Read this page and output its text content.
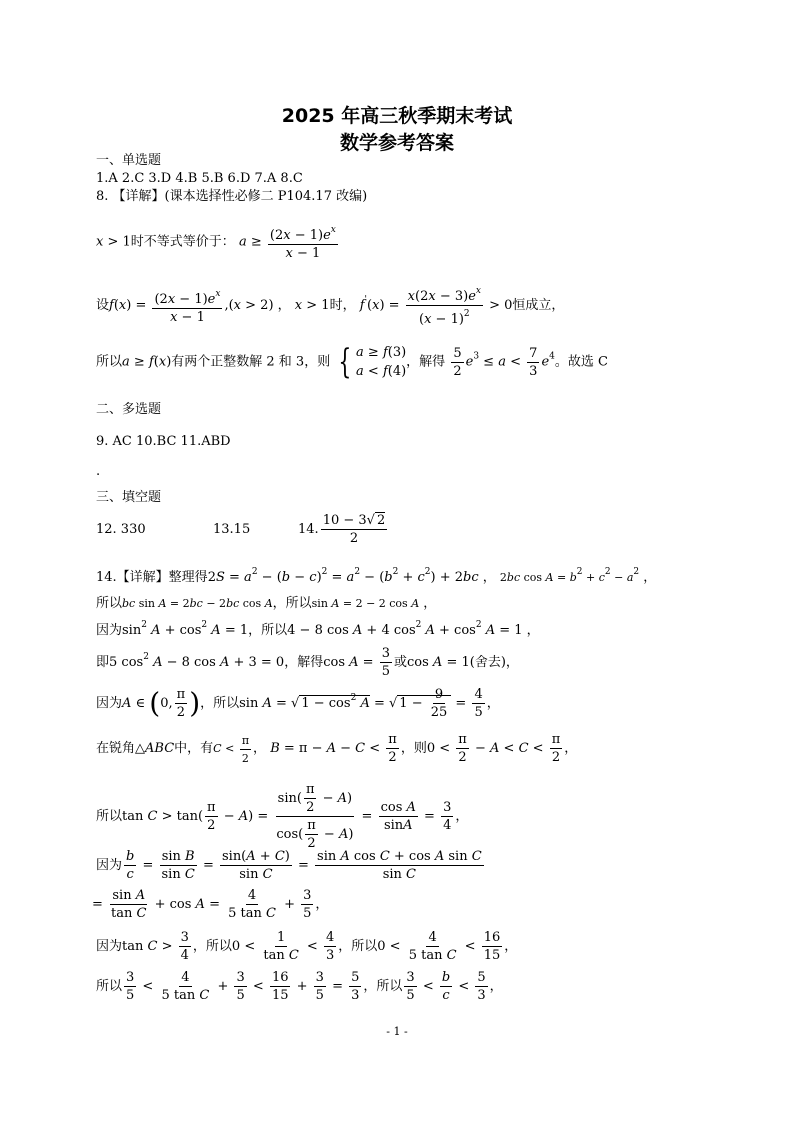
2025 年高三秋季期末考试
数学参考答案
一、单选题
1.A 2.C 3.D 4.B 5.B 6.D 7.A 8.C
8. 【详解】(课本选择性必修二 P104.17 改编)
x > 1时不等式等价于： $a \ge \frac{(2x - 1)e^x}{x - 1}$
设$f(x) = \frac{(2x - 1)e^x}{x - 1} ,(x > 2)$ ， x > 1时， $f'(x) = \frac{x(2x - 3)e^x}{(x - 1)^2} > 0$恒成立，
所以a ≥ f(x)有两个正整数解 2 和 3，则 { a ≥ f(3)
a < f(4)
，解得 $\frac{5}{2} e^3 \le a < \frac{7}{3} e^4$。故选 C
二、多选题
9. AC 10.BC 11.ABD
.
三、填空题
12. 330	13.15	14. $\frac{10 - 3√ 2}{2}$
14.【详解】整理得$2S = a^2 - (b - c)^2 = a^2 - (b^2 + c^2) + 2bc$ ， 2bc $\cos A = b^2 + c^2 - a^2$ ，
所以bc sin A = 2bc − 2bc cos A，所以sin A = 2 − 2 cos A ，
因为$\sin^2 A + \cos^2 A = 1$，所以4 − 8 cos A + 4 $\cos^2 A + \cos^2 A = 1$ ，
即5 $\cos^2 A - 8$ cos A + 3 = 0，解得$\cos A = \frac{3}{5}$ 或cos A = 1(舍去)，
因为A ∈ (0, $\frac{\pi}{2}$ )，所以sin A = √ $1 - \cos^2 A$ = √ $1 - \frac{9}{25} = \frac{4}{5}$ ，
在锐角△ABC中，有$C < \frac{\pi}{2}$ ， $B = \pi - A - C < \frac{\pi}{2}$ ，则$0 < \frac{\pi}{2} - A < C < \frac{\pi}{2}$ ，
所以$\tan C > \tan( \frac{\pi}{2} - A) = \frac{\sin( \frac{\pi}{2} - A)}{\cos( \frac{\pi}{2} - A)} = \frac{\text{cos A}}{\sin A} = \frac{3}{4}$ ，
因为 $\frac{b}{c} = \frac{\text{sin B}}{\text{sin C}} = \frac{\sin(A + C)}{\text{sin C}} = \frac{\text{sin A cos C + cos A sin C}}{\text{sin C}}$
= $\frac{\text{sin A}}{\text{tan C}} + \cos A = \frac{4}{\text{5 tan C}} + \frac{3}{5}$ ，
因为$\tan C > \frac{3}{4}$ ，所以$0 < \frac{1}{\text{tan C}} < \frac{4}{3}$ ，所以$0 < \frac{4}{\text{5 tan C}} < \frac{16}{15}$ ，
所以 $\frac{3}{5} < \frac{4}{\text{5 tan C}} + \frac{3}{5} < \frac{16}{15} + \frac{3}{5} = \frac{5}{3}$ ，所以 $\frac{3}{5} < \frac{b}{c} < \frac{5}{3}$ ，
- 1 -
